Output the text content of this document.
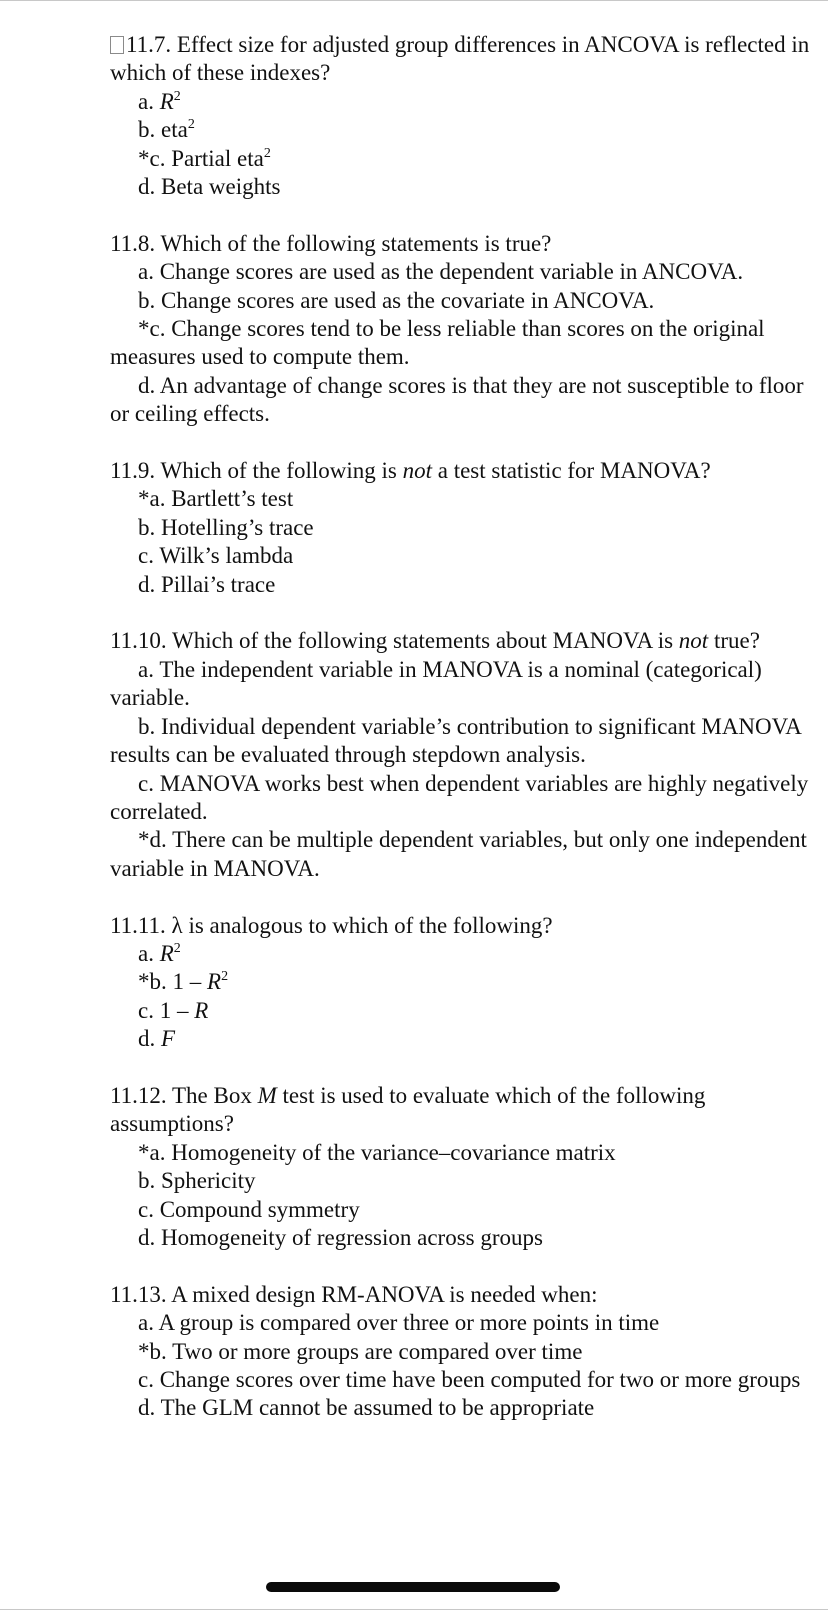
11.7. Effect size for adjusted group differences in ANCOVA is reflected in which of these indexes?

a. $R^2$

b. eta$^2$

*c. Partial eta$^2$

d. Beta weights

11.8. Which of the following statements is true?

a. Change scores are used as the dependent variable in ANCOVA.

b. Change scores are used as the covariate in ANCOVA.

*c. Change scores tend to be less reliable than scores on the original measures used to compute them.

d. An advantage of change scores is that they are not susceptible to floor or ceiling effects.

11.9. Which of the following is not a test statistic for MANOVA?

*a. Bartlett’s test

b. Hotelling’s trace

c. Wilk’s lambda

d. Pillai’s trace

11.10. Which of the following statements about MANOVA is not true?

a. The independent variable in MANOVA is a nominal (categorical) variable.

b. Individual dependent variable’s contribution to significant MANOVA results can be evaluated through stepdown analysis.

c. MANOVA works best when dependent variables are highly negatively correlated.

*d. There can be multiple dependent variables, but only one independent variable in MANOVA.

11.11. λ is analogous to which of the following?

a. $R^2$

*b. $1 - R^2$

c. 1 – R

d. F

11.12. The Box M test is used to evaluate which of the following assumptions?

*a. Homogeneity of the variance–covariance matrix

b. Sphericity

c. Compound symmetry

d. Homogeneity of regression across groups

11.13. A mixed design RM-ANOVA is needed when:

a. A group is compared over three or more points in time

*b. Two or more groups are compared over time

c. Change scores over time have been computed for two or more groups

d. The GLM cannot be assumed to be appropriate
